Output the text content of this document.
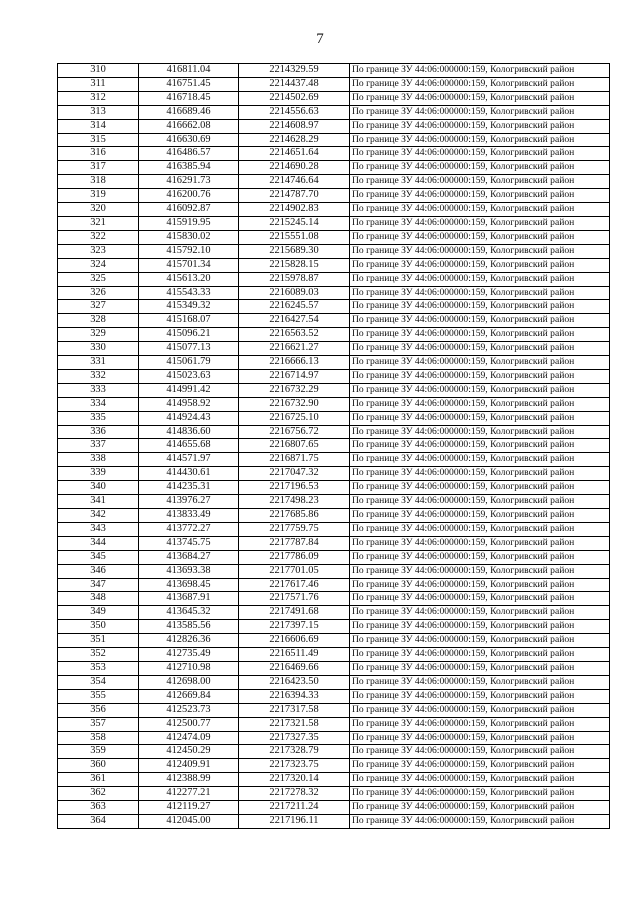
7
310	416811.04	2214329.59	По границе ЗУ 44:06:000000:159, Кологривский район
311	416751.45	2214437.48	По границе ЗУ 44:06:000000:159, Кологривский район
312	416718.45	2214502.69	По границе ЗУ 44:06:000000:159, Кологривский район
313	416689.46	2214556.63	По границе ЗУ 44:06:000000:159, Кологривский район
314	416662.08	2214608.97	По границе ЗУ 44:06:000000:159, Кологривский район
315	416630.69	2214628.29	По границе ЗУ 44:06:000000:159, Кологривский район
316	416486.57	2214651.64	По границе ЗУ 44:06:000000:159, Кологривский район
317	416385.94	2214690.28	По границе ЗУ 44:06:000000:159, Кологривский район
318	416291.73	2214746.64	По границе ЗУ 44:06:000000:159, Кологривский район
319	416200.76	2214787.70	По границе ЗУ 44:06:000000:159, Кологривский район
320	416092.87	2214902.83	По границе ЗУ 44:06:000000:159, Кологривский район
321	415919.95	2215245.14	По границе ЗУ 44:06:000000:159, Кологривский район
322	415830.02	2215551.08	По границе ЗУ 44:06:000000:159, Кологривский район
323	415792.10	2215689.30	По границе ЗУ 44:06:000000:159, Кологривский район
324	415701.34	2215828.15	По границе ЗУ 44:06:000000:159, Кологривский район
325	415613.20	2215978.87	По границе ЗУ 44:06:000000:159, Кологривский район
326	415543.33	2216089.03	По границе ЗУ 44:06:000000:159, Кологривский район
327	415349.32	2216245.57	По границе ЗУ 44:06:000000:159, Кологривский район
328	415168.07	2216427.54	По границе ЗУ 44:06:000000:159, Кологривский район
329	415096.21	2216563.52	По границе ЗУ 44:06:000000:159, Кологривский район
330	415077.13	2216621.27	По границе ЗУ 44:06:000000:159, Кологривский район
331	415061.79	2216666.13	По границе ЗУ 44:06:000000:159, Кологривский район
332	415023.63	2216714.97	По границе ЗУ 44:06:000000:159, Кологривский район
333	414991.42	2216732.29	По границе ЗУ 44:06:000000:159, Кологривский район
334	414958.92	2216732.90	По границе ЗУ 44:06:000000:159, Кологривский район
335	414924.43	2216725.10	По границе ЗУ 44:06:000000:159, Кологривский район
336	414836.60	2216756.72	По границе ЗУ 44:06:000000:159, Кологривский район
337	414655.68	2216807.65	По границе ЗУ 44:06:000000:159, Кологривский район
338	414571.97	2216871.75	По границе ЗУ 44:06:000000:159, Кологривский район
339	414430.61	2217047.32	По границе ЗУ 44:06:000000:159, Кологривский район
340	414235.31	2217196.53	По границе ЗУ 44:06:000000:159, Кологривский район
341	413976.27	2217498.23	По границе ЗУ 44:06:000000:159, Кологривский район
342	413833.49	2217685.86	По границе ЗУ 44:06:000000:159, Кологривский район
343	413772.27	2217759.75	По границе ЗУ 44:06:000000:159, Кологривский район
344	413745.75	2217787.84	По границе ЗУ 44:06:000000:159, Кологривский район
345	413684.27	2217786.09	По границе ЗУ 44:06:000000:159, Кологривский район
346	413693.38	2217701.05	По границе ЗУ 44:06:000000:159, Кологривский район
347	413698.45	2217617.46	По границе ЗУ 44:06:000000:159, Кологривский район
348	413687.91	2217571.76	По границе ЗУ 44:06:000000:159, Кологривский район
349	413645.32	2217491.68	По границе ЗУ 44:06:000000:159, Кологривский район
350	413585.56	2217397.15	По границе ЗУ 44:06:000000:159, Кологривский район
351	412826.36	2216606.69	По границе ЗУ 44:06:000000:159, Кологривский район
352	412735.49	2216511.49	По границе ЗУ 44:06:000000:159, Кологривский район
353	412710.98	2216469.66	По границе ЗУ 44:06:000000:159, Кологривский район
354	412698.00	2216423.50	По границе ЗУ 44:06:000000:159, Кологривский район
355	412669.84	2216394.33	По границе ЗУ 44:06:000000:159, Кологривский район
356	412523.73	2217317.58	По границе ЗУ 44:06:000000:159, Кологривский район
357	412500.77	2217321.58	По границе ЗУ 44:06:000000:159, Кологривский район
358	412474.09	2217327.35	По границе ЗУ 44:06:000000:159, Кологривский район
359	412450.29	2217328.79	По границе ЗУ 44:06:000000:159, Кологривский район
360	412409.91	2217323.75	По границе ЗУ 44:06:000000:159, Кологривский район
361	412388.99	2217320.14	По границе ЗУ 44:06:000000:159, Кологривский район
362	412277.21	2217278.32	По границе ЗУ 44:06:000000:159, Кологривский район
363	412119.27	2217211.24	По границе ЗУ 44:06:000000:159, Кологривский район
364	412045.00	2217196.11	По границе ЗУ 44:06:000000:159, Кологривский район
